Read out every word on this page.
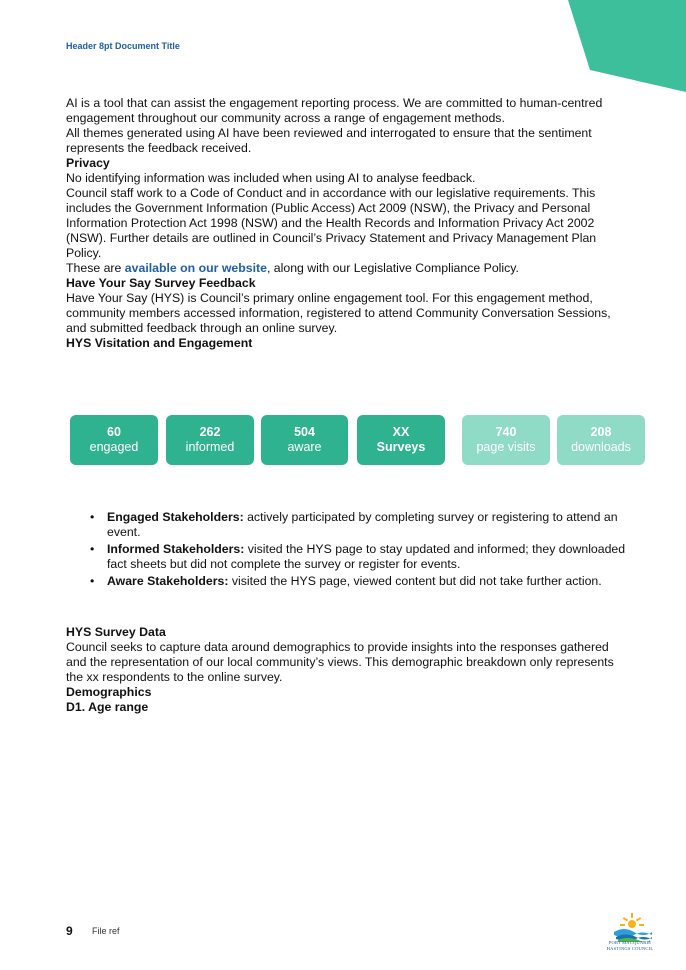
Header 8pt Document Title

AI is a tool that can assist the engagement reporting process. We are committed to human-centred engagement throughout our community across a range of engagement methods.

All themes generated using AI have been reviewed and interrogated to ensure that the sentiment represents the feedback received.

Privacy

No identifying information was included when using AI to analyse feedback.

Council staff work to a Code of Conduct and in accordance with our legislative requirements. This includes the Government Information (Public Access) Act 2009 (NSW), the Privacy and Personal Information Protection Act 1998 (NSW) and the Health Records and Information Privacy Act 2002 (NSW). Further details are outlined in Council’s Privacy Statement and Privacy Management Plan Policy.

These are available on our website, along with our Legislative Compliance Policy.

Have Your Say Survey Feedback

Have Your Say (HYS) is Council’s primary online engagement tool. For this engagement method, community members accessed information, registered to attend Community Conversation Sessions, and submitted feedback through an online survey.

HYS Visitation and Engagement

60
engaged
262
informed
504
aware
XX
Surveys
740
page visits
208
downloads
• Engaged Stakeholders: actively participated by completing survey or registering to attend an event.
• Informed Stakeholders: visited the HYS page to stay updated and informed; they downloaded fact sheets but did not complete the survey or register for events.
• Aware Stakeholders: visited the HYS page, viewed content but did not take further action.

HYS Survey Data

Council seeks to capture data around demographics to provide insights into the responses gathered and the representation of our local community’s views. This demographic breakdown only represents the xx respondents to the online survey.

Demographics

D1. Age range

9 File ref
PORT MACQUARIE
HASTINGS COUNCIL
